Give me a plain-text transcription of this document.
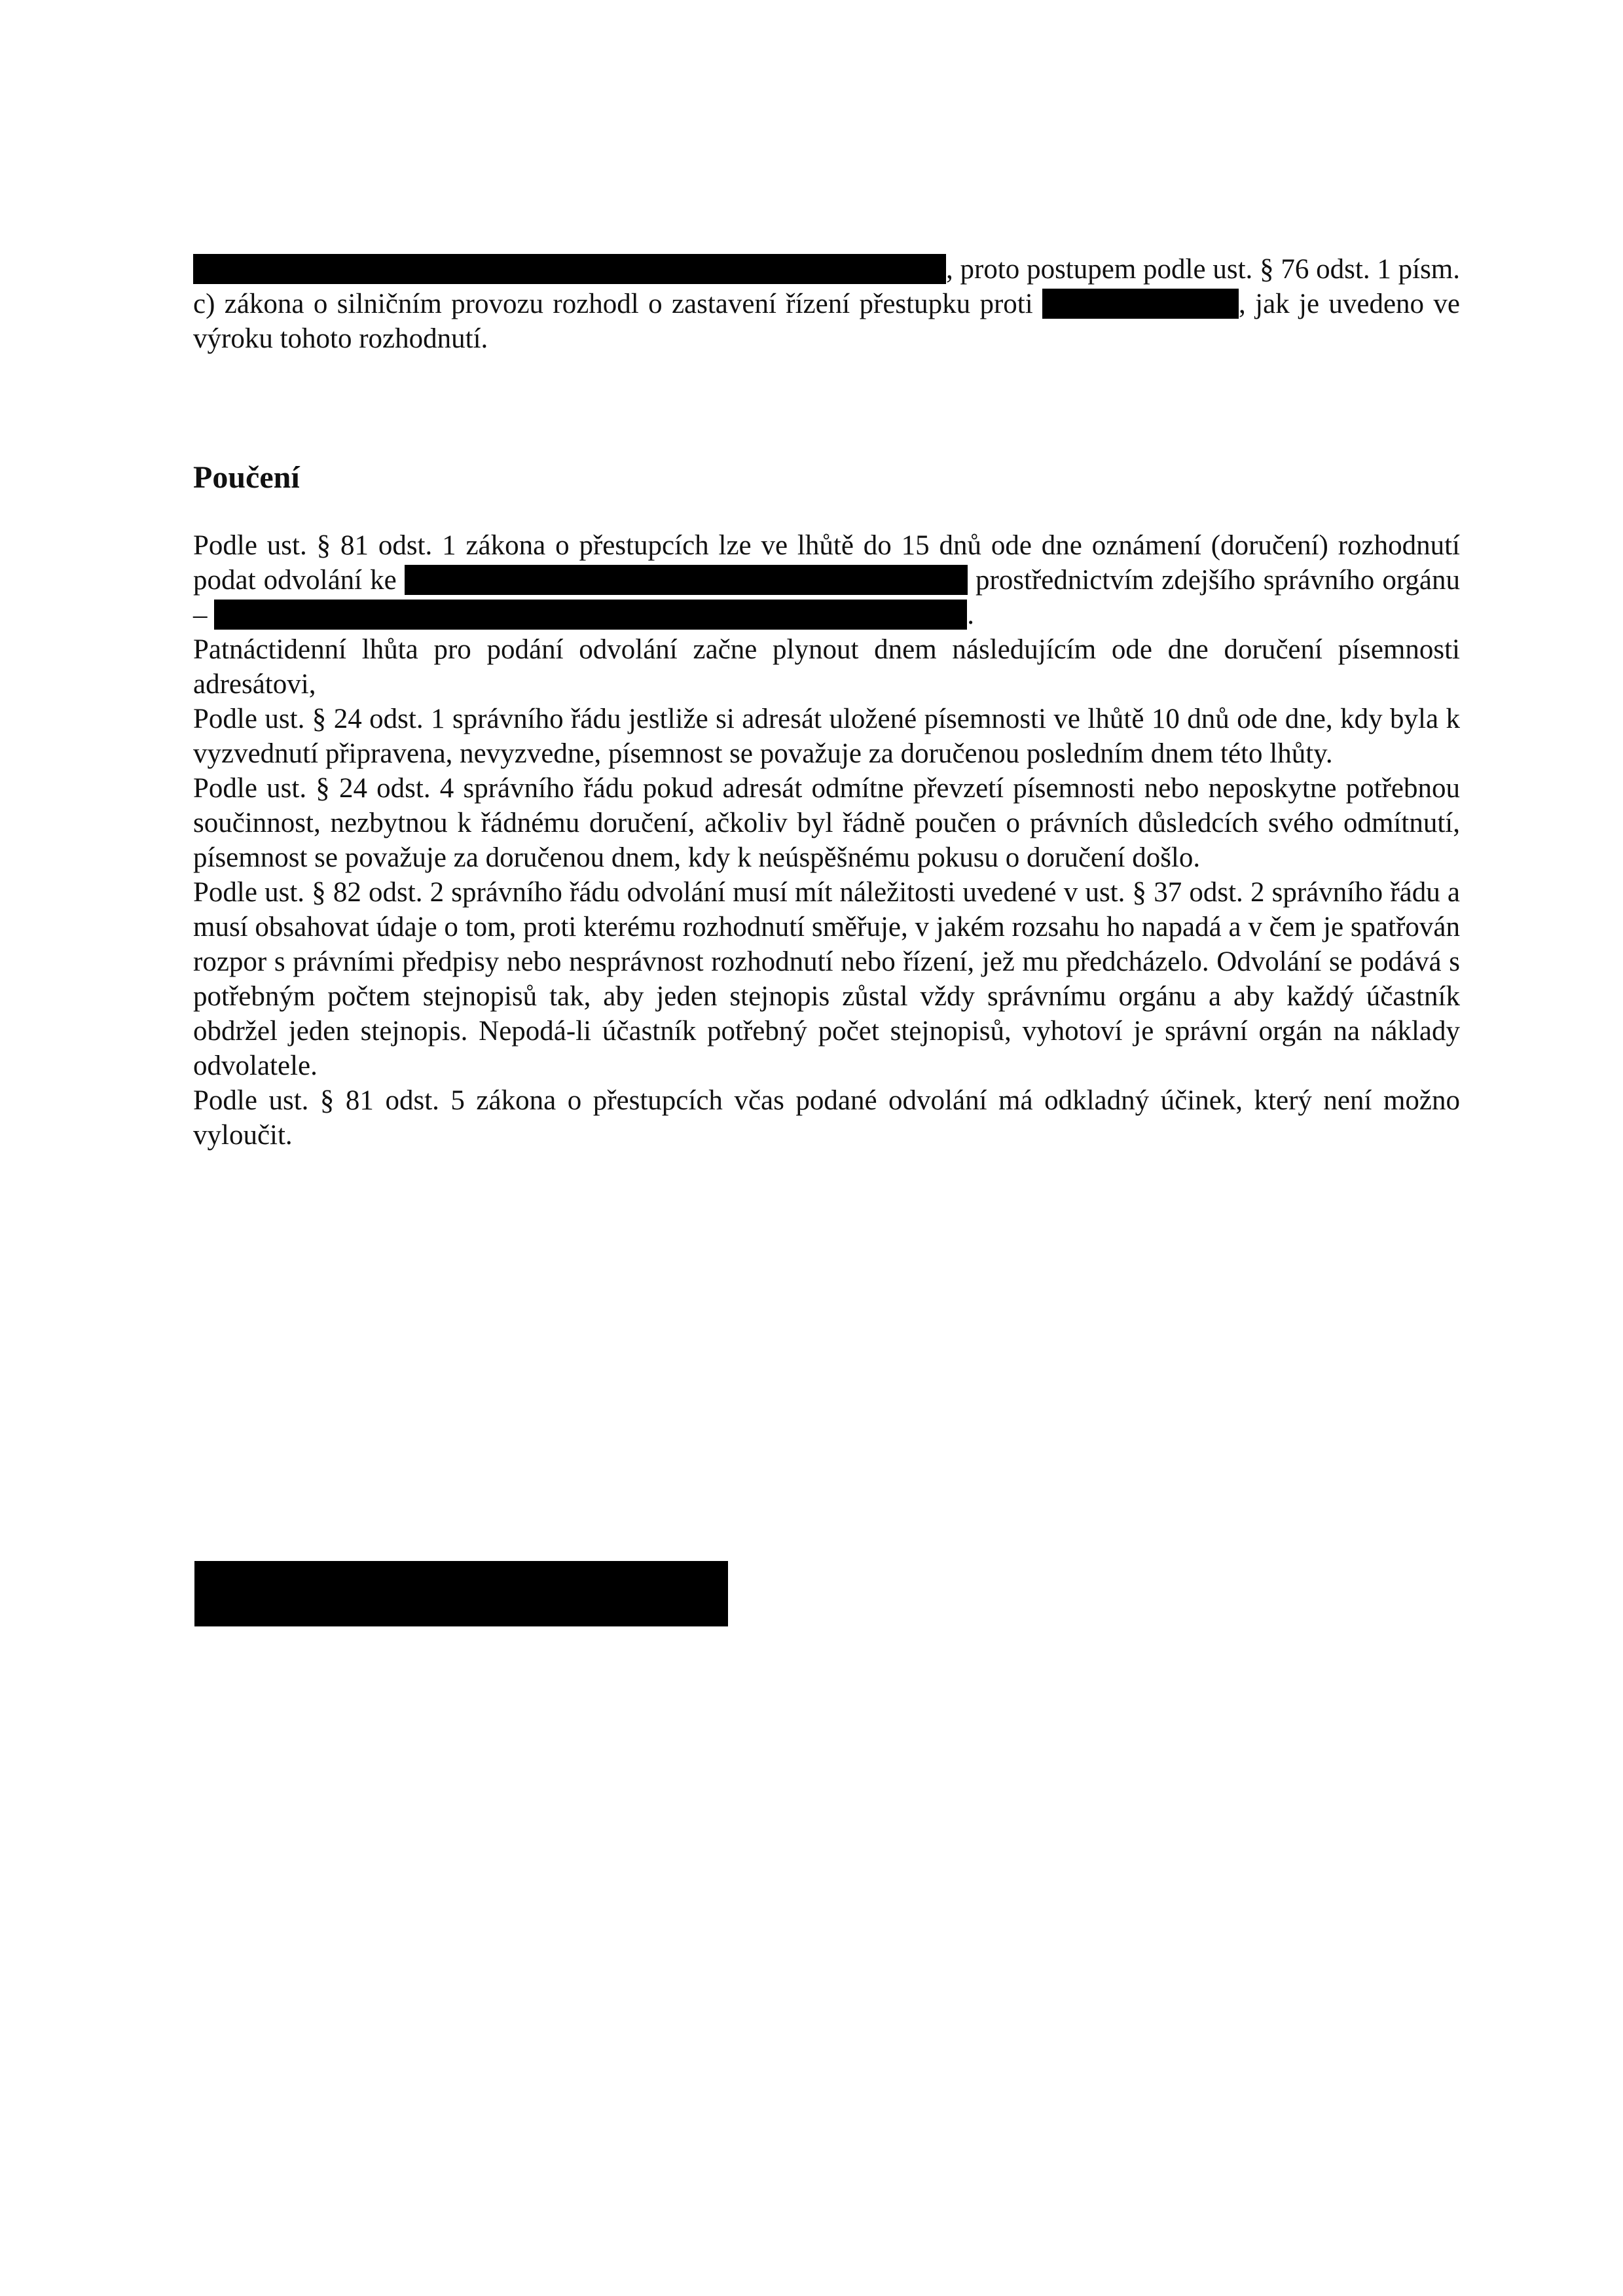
, proto postupem podle ust. § 76 odst. 1 písm. c) zákona o silničním provozu rozhodl o zastavení řízení přestupku proti	, jak je uvedeno ve výroku tohoto rozhodnutí.

Poučení

Podle ust. § 81 odst. 1 zákona o přestupcích lze ve lhůtě do 15 dnů ode dne oznámení (doručení) rozhodnutí podat odvolání ke	prostřednictvím zdejšího správního orgánu –	.

Patnáctidenní lhůta pro podání odvolání začne plynout dnem následujícím ode dne doručení písemnosti adresátovi,

Podle ust. § 24 odst. 1 správního řádu jestliže si adresát uložené písemnosti ve lhůtě 10 dnů ode dne, kdy byla k vyzvednutí připravena, nevyzvedne, písemnost se považuje za doručenou posledním dnem této lhůty.

Podle ust. § 24 odst. 4 správního řádu pokud adresát odmítne převzetí písemnosti nebo neposkytne potřebnou součinnost, nezbytnou k řádnému doručení, ačkoliv byl řádně poučen o právních důsledcích svého odmítnutí, písemnost se považuje za doručenou dnem, kdy k neúspěšnému pokusu o doručení došlo.

Podle ust. § 82 odst. 2 správního řádu odvolání musí mít náležitosti uvedené v ust. § 37 odst. 2 správního řádu a musí obsahovat údaje o tom, proti kterému rozhodnutí směřuje, v jakém rozsahu ho napadá a v čem je spatřován rozpor s právními předpisy nebo nesprávnost rozhodnutí nebo řízení, jež mu předcházelo. Odvolání se podává s potřebným počtem stejnopisů tak, aby jeden stejnopis zůstal vždy správnímu orgánu a aby každý účastník obdržel jeden stejnopis. Nepodá-li účastník potřebný počet stejnopisů, vyhotoví je správní orgán na náklady odvolatele.

Podle ust. § 81 odst. 5 zákona o přestupcích včas podané odvolání má odkladný účinek, který není možno vyloučit.
